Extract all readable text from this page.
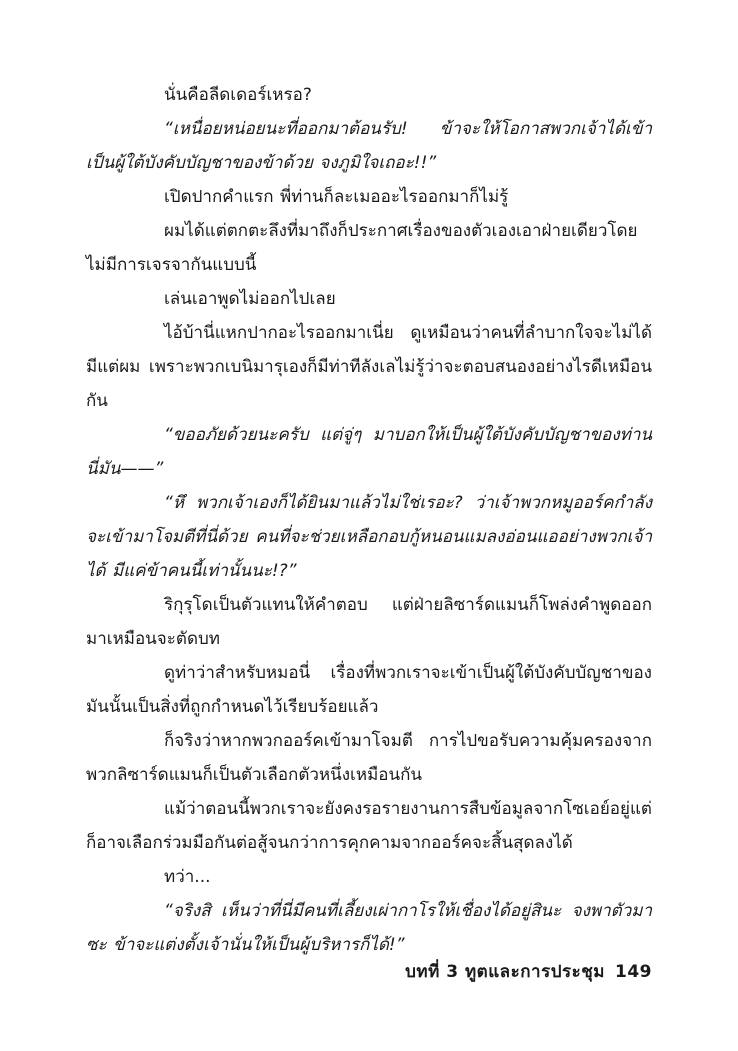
นั่นคือลีดเดอร์เหรอ?

“เหนื่อยหน่อยนะที่ออกมาต้อนรับ! ข้าจะให้โอกาสพวกเจ้าได้เข้าเป็นผู้ใต้บังคับบัญชาของข้าด้วย จงภูมิใจเถอะ!!”

เปิดปากคำแรก พี่ท่านก็ละเมออะไรออกมาก็ไม่รู้

ผมได้แต่ตกตะลึงที่มาถึงก็ประกาศเรื่องของตัวเองเอาฝ่ายเดียวโดยไม่มีการเจรจากันแบบนี้

เล่นเอาพูดไม่ออกไปเลย

ไอ้บ้านี่แหกปากอะไรออกมาเนี่ย ดูเหมือนว่าคนที่ลำบากใจจะไม่ได้มีแต่ผม เพราะพวกเบนิมารุเองก็มีท่าทีลังเลไม่รู้ว่าจะตอบสนองอย่างไรดีเหมือนกัน

“ขออภัยด้วยนะครับ แต่จู่ๆ มาบอกให้เป็นผู้ใต้บังคับบัญชาของท่านนี่มัน——”

“หึ พวกเจ้าเองก็ได้ยินมาแล้วไม่ใช่เรอะ? ว่าเจ้าพวกหมูออร์คกำลังจะเข้ามาโจมตีที่นี่ด้วย คนที่จะช่วยเหลือกอบกู้หนอนแมลงอ่อนแออย่างพวกเจ้าได้ มีแค่ข้าคนนี้เท่านั้นนะ!?”

ริกุรุโดเป็นตัวแทนให้คำตอบ แต่ฝ่ายลิซาร์ดแมนก็โพล่งคำพูดออกมาเหมือนจะตัดบท

ดูท่าว่าสำหรับหมอนี่ เรื่องที่พวกเราจะเข้าเป็นผู้ใต้บังคับบัญชาของมันนั้นเป็นสิ่งที่ถูกกำหนดไว้เรียบร้อยแล้ว

ก็จริงว่าหากพวกออร์คเข้ามาโจมตี การไปขอรับความคุ้มครองจากพวกลิซาร์ดแมนก็เป็นตัวเลือกตัวหนึ่งเหมือนกัน

แม้ว่าตอนนี้พวกเราจะยังคงรอรายงานการสืบข้อมูลจากโซเอย์อยู่แต่ก็อาจเลือกร่วมมือกันต่อสู้จนกว่าการคุกคามจากออร์คจะสิ้นสุดลงได้

ทว่า...

“จริงสิ เห็นว่าที่นี่มีคนที่เลี้ยงเผ่ากาโรให้เชื่องได้อยู่สินะ จงพาตัวมาซะ ข้าจะแต่งตั้งเจ้านั่นให้เป็นผู้บริหารก็ได้!”

บทที่ 3 ทูตและการประชุม 149
